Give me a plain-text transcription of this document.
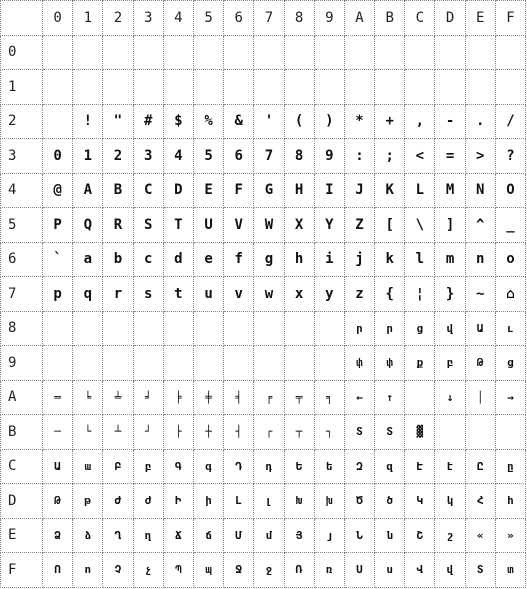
	0	1	2	3	4	5	6	7	8	9	A	B	C	D	E	F
0																
1																
2		!	"	#	$	%	&	'	(	)	*	+	,	-	.	/
3	0	1	2	3	4	5	6	7	8	9	:	;	<	=	>	?
4	@	A	B	C	D	E	F	G	H	I	J	K	L	M	N	O
5	P	Q	R	S	T	U	V	W	X	Y	Z	[	\	]	^	_
6	`	a	b	c	d	e	f	g	h	i	j	k	l	m	n	o
7	p	q	r	s	t	u	v	w	x	y	z	{	¦	}	~	⌂
8											ր	ր	ց	վ	Ա	ւ
9											փ	փ	ք	բ	Թ	ց
A	═	╘	╧	╛	╞	╪	╡	╒	╤	╕	←	↑		↓	│	→
B	─	└	┴	┘	├	┼	┤	┌	┬	┐	Տ	Տ	▓			
C	Ա	ա	Բ	բ	Գ	գ	Դ	դ	Ե	ե	Զ	զ	Է	է	Ը	ը
D	Թ	թ	Ժ	ժ	Ի	ի	Լ	լ	Խ	խ	Ծ	ծ	Կ	կ	Հ	հ
E	Ձ	ձ	Ղ	ղ	Ճ	ճ	Մ	մ	Յ	յ	Ն	ն	Շ	շ	«	»
F	Ո	ո	Չ	չ	Պ	պ	Ջ	ջ	Ռ	ռ	Ս	ս	Վ	վ	Տ	տ
